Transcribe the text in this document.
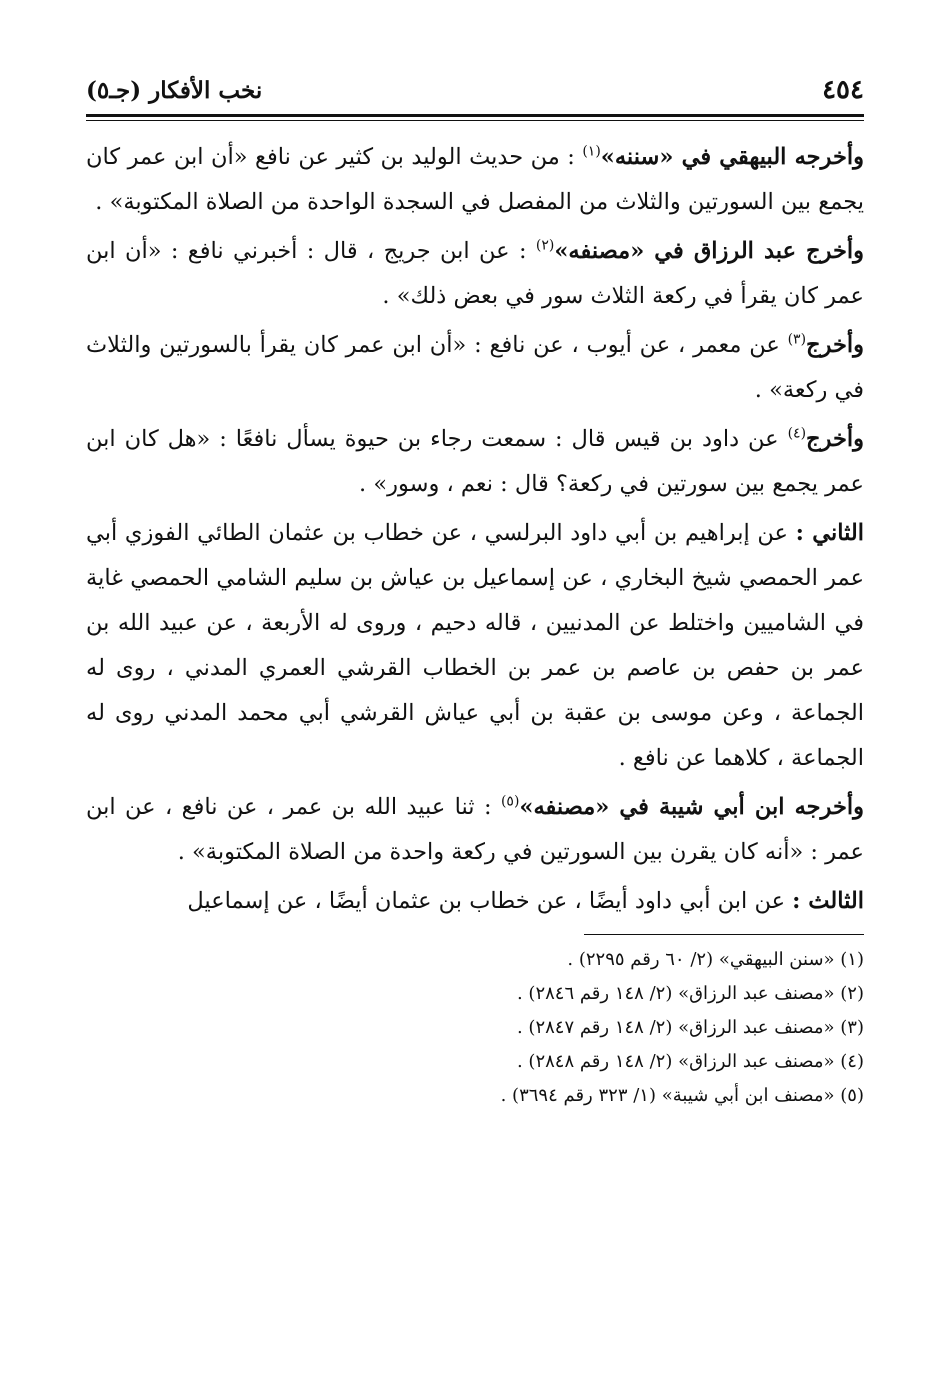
٤٥٤
نخب الأفكار (جـ٥)

وأخرجه البيهقي في «سننه»$^{(١)}$ : من حديث الوليد بن كثير عن نافع «أن ابن عمر كان يجمع بين السورتين والثلاث من المفصل في السجدة الواحدة من الصلاة المكتوبة» .

وأخرج عبد الرزاق في «مصنفه»$^{(٢)}$ : عن ابن جريج ، قال : أخبرني نافع : «أن ابن عمر كان يقرأ في ركعة الثلاث سور في بعض ذلك» .

وأخرج$^{(٣)}$ عن معمر ، عن أيوب ، عن نافع : «أن ابن عمر كان يقرأ بالسورتين والثلاث في ركعة» .

وأخرج$^{(٤)}$ عن داود بن قيس قال : سمعت رجاء بن حيوة يسأل نافعًا : «هل كان ابن عمر يجمع بين سورتين في ركعة؟ قال : نعم ، وسور» .

الثاني : عن إبراهيم بن أبي داود البرلسي ، عن خطاب بن عثمان الطائي الفوزي أبي عمر الحمصي شيخ البخاري ، عن إسماعيل بن عياش بن سليم الشامي الحمصي غاية في الشاميين واختلط عن المدنيين ، قاله دحيم ، وروى له الأربعة ، عن عبيد الله بن عمر بن حفص بن عاصم بن عمر بن الخطاب القرشي العمري المدني ، روى له الجماعة ، وعن موسى بن عقبة بن أبي عياش القرشي أبي محمد المدني روى له الجماعة ، كلاهما عن نافع .

وأخرجه ابن أبي شيبة في «مصنفه»$^{(٥)}$ : ثنا عبيد الله بن عمر ، عن نافع ، عن ابن عمر : «أنه كان يقرن بين السورتين في ركعة واحدة من الصلاة المكتوبة» .

الثالث : عن ابن أبي داود أيضًا ، عن خطاب بن عثمان أيضًا ، عن إسماعيل

(١) «سنن البيهقي» (٢/ ٦٠ رقم ٢٢٩٥) .
(٢) «مصنف عبد الرزاق» (٢/ ١٤٨ رقم ٢٨٤٦) .
(٣) «مصنف عبد الرزاق» (٢/ ١٤٨ رقم ٢٨٤٧) .
(٤) «مصنف عبد الرزاق» (٢/ ١٤٨ رقم ٢٨٤٨) .
(٥) «مصنف ابن أبي شيبة» (١/ ٣٢٣ رقم ٣٦٩٤) .
